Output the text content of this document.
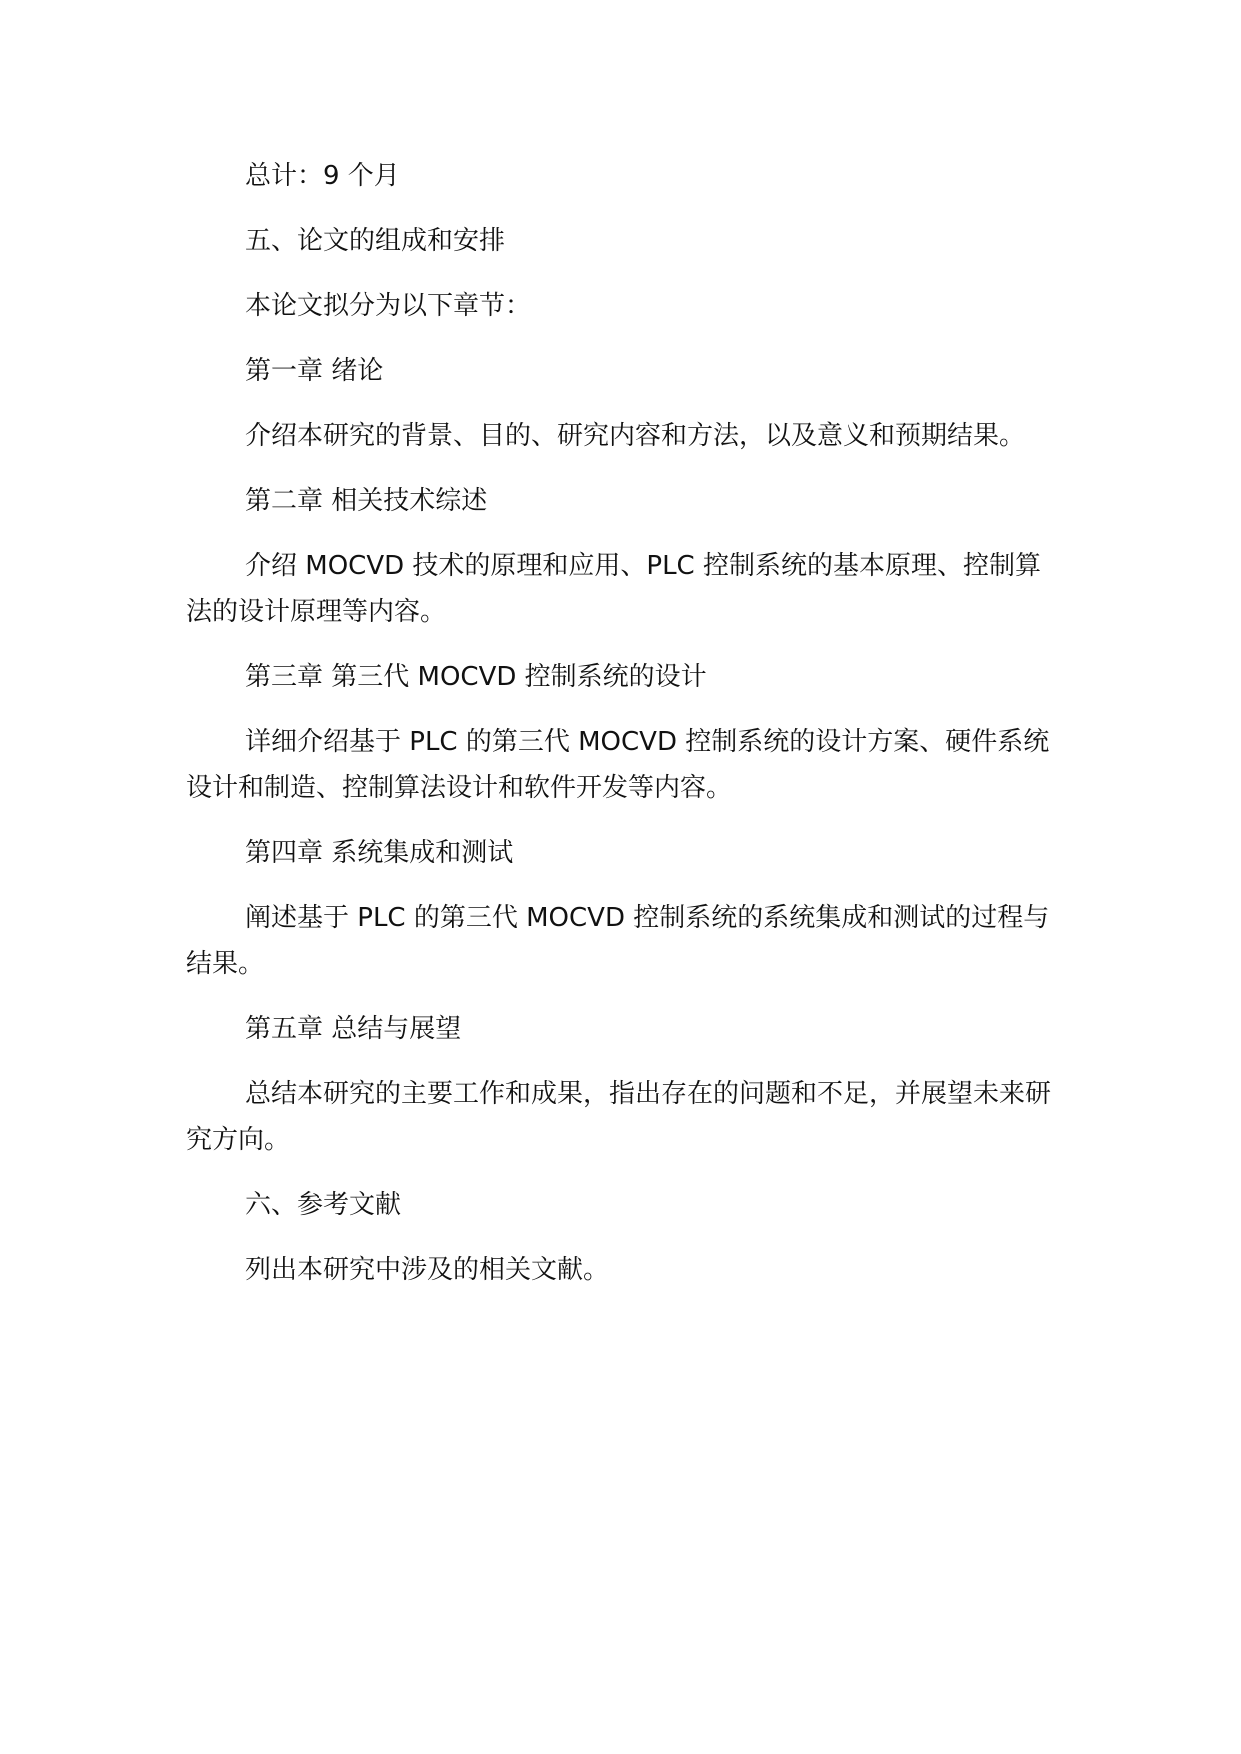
总计：9 个月

五、论文的组成和安排

本论文拟分为以下章节：

第一章 绪论

介绍本研究的背景、目的、研究内容和方法，以及意义和预期结果。

第二章 相关技术综述

介绍 MOCVD 技术的原理和应用、PLC 控制系统的基本原理、控制算法的设计原理等内容。

第三章 第三代 MOCVD 控制系统的设计

详细介绍基于 PLC 的第三代 MOCVD 控制系统的设计方案、硬件系统设计和制造、控制算法设计和软件开发等内容。

第四章 系统集成和测试

阐述基于 PLC 的第三代 MOCVD 控制系统的系统集成和测试的过程与结果。

第五章 总结与展望

总结本研究的主要工作和成果，指出存在的问题和不足，并展望未来研究方向。

六、参考文献

列出本研究中涉及的相关文献。
